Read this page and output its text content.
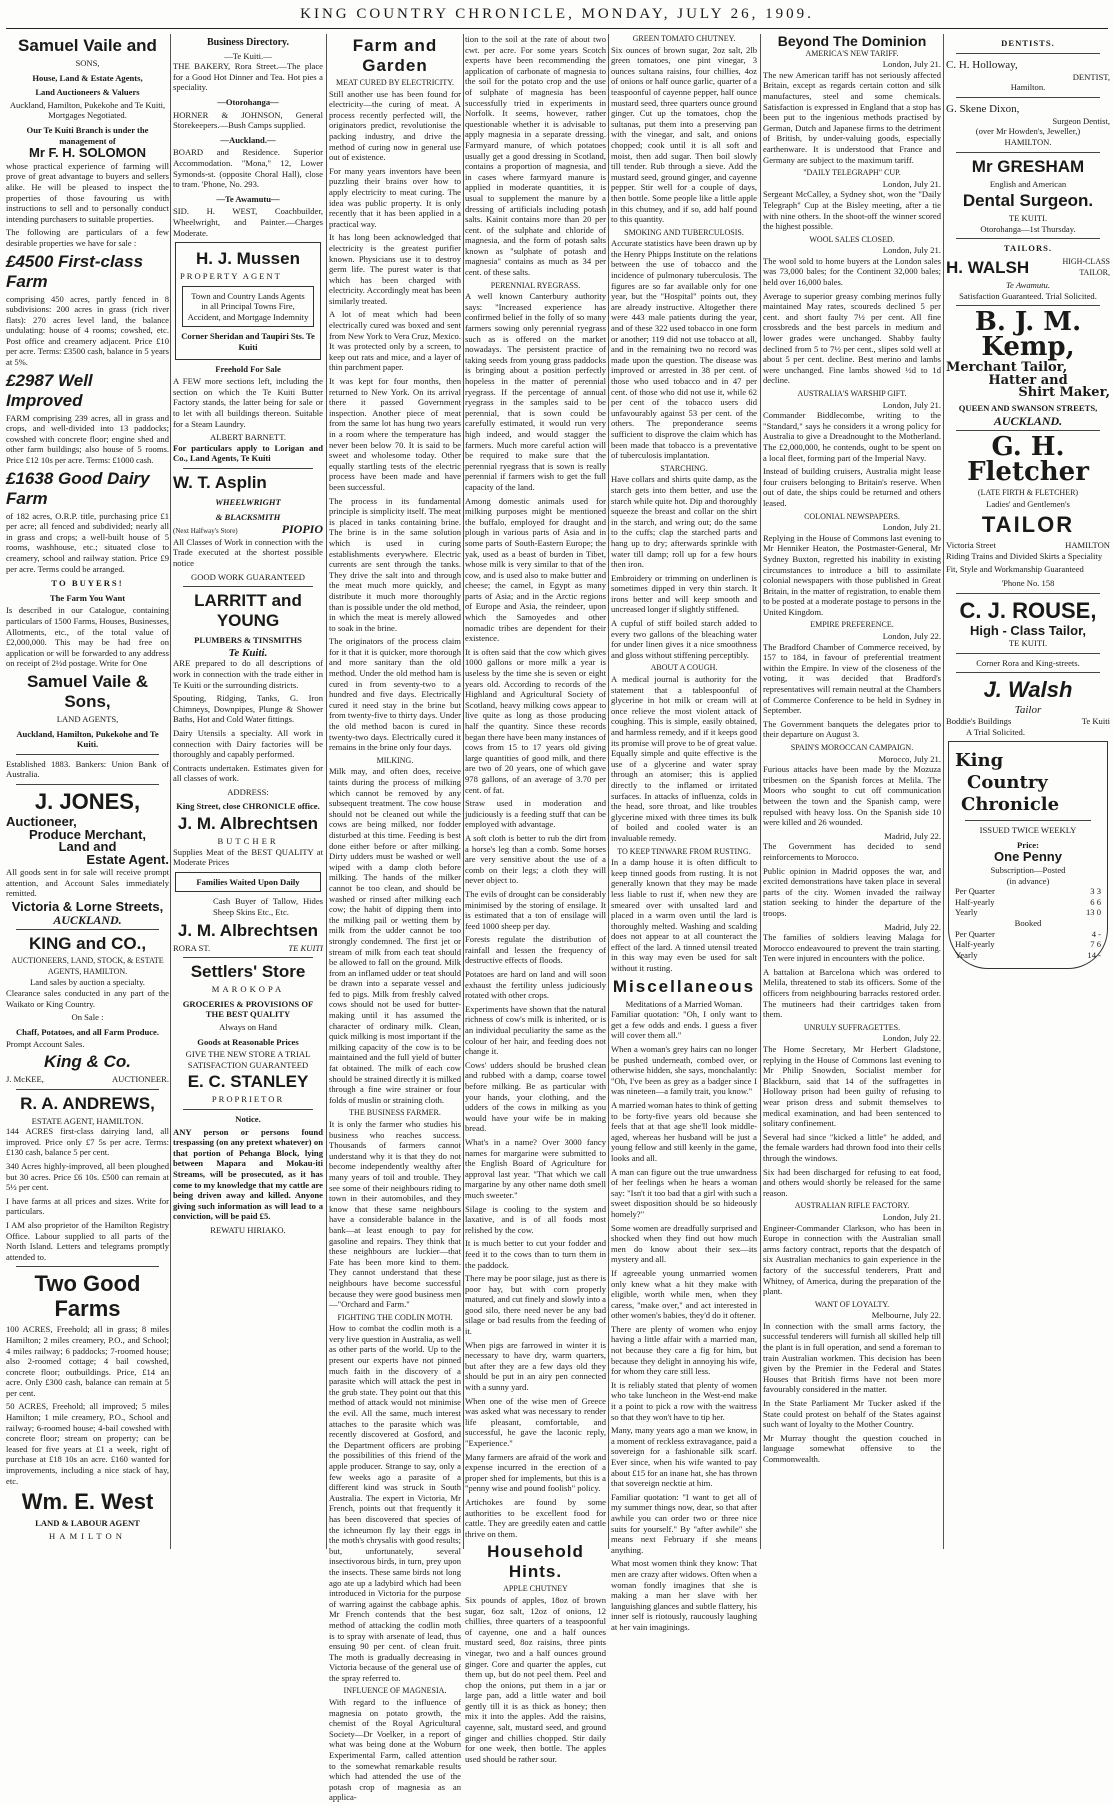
KING COUNTRY CHRONICLE, MONDAY, JULY 26, 1909.
Samuel Vaile and
SONS,
House, Land & Estate Agents,
Land Auctioneers & Valuers
Auckland, Hamilton, Pukekohe and Te Kuiti,
Mortgages Negotiated.
Our Te Kuiti Branch is under the management of
Mr F. H. SOLOMON

whose practical experience of farming will prove of great advantage to buyers and sellers alike. He will be pleased to inspect the properties of those favouring us with instructions to sell and to personally conduct intending purchasers to suitable properties.

The following are particulars of a few desirable properties we have for sale :

£4500 First-class Farm

comprising 450 acres, partly fenced in 8 subdivisions: 200 acres in grass (rich river flats): 270 acres level land, the balance undulating: house of 4 rooms; cowshed, etc. Post office and creamery adjacent. Price £10 per acre. Terms: £3500 cash, balance in 5 years at 5%.

£2987 Well Improved

FARM comprising 239 acres, all in grass and crops, and well-divided into 13 paddocks; cowshed with concrete floor; engine shed and other farm buildings; also house of 5 rooms. Price £12 10s per acre. Terms: £1000 cash.

£1638 Good Dairy Farm

of 182 acres, O.R.P. title, purchasing price £1 per acre; all fenced and subdivided; nearly all in grass and crops; a well-built house of 5 rooms, washhouse, etc.; situated close to creamery, school and railway station. Price £9 per acre. Terms could be arranged.

TO BUYERS!
The Farm You Want

Is described in our Catalogue, containing particulars of 1500 Farms, Houses, Businesses, Allotments, etc., of the total value of £2,000,000. This may be had free on application or will be forwarded to any address on receipt of 2½d postage. Write for One

Samuel Vaile & Sons,
LAND AGENTS,
Auckland, Hamilton, Pukekohe and Te Kuiti.

Established 1883. Bankers: Union Bank of Australia.

J. JONES,
Auctioneer,
Produce Merchant,
Land and
Estate Agent.

All goods sent in for sale will receive prompt attention, and Account Sales immediately remitted.

Victoria & Lorne Streets,
AUCKLAND.
KING and CO.,
AUCTIONEERS, LAND, STOCK, & ESTATE AGENTS, HAMILTON.
Land sales by auction a specialty.

Clearance sales conducted in any part of the Waikato or King Country.

On Sale :
Chaff, Potatoes, and all Farm Produce.
Prompt Account Sales.
King & Co.
J. McKEE,	AUCTIONEER.
R. A. ANDREWS,
ESTATE AGENT, HAMILTON.

144 ACRES first-class dairying land, all improved. Price only £7 5s per acre. Terms: £130 cash, balance 5 per cent.

340 Acres highly-improved, all been ploughed but 30 acres. Price £6 10s. £500 can remain at 5½ per cent.

I have farms at all prices and sizes. Write for particulars.

I AM also proprietor of the Hamilton Registry Office. Labour supplied to all parts of the North Island. Letters and telegrams promptly attended to.

Two Good Farms

100 ACRES, Freehold; all in grass; 8 miles Hamilton; 2 miles creamery, P.O., and School; 4 miles railway; 6 paddocks; 7-roomed house; also 2-roomed cottage; 4 bail cowshed, concrete floor; outbuildings. Price, £14 an acre. Only £300 cash, balance can remain at 5 per cent.

50 ACRES, Freehold; all improved; 5 miles Hamilton; 1 mile creamery, P.O., School and railway; 6-roomed house; 4-bail cowshed with concrete floor; stream on property; can be leased for five years at £1 a week, right of purchase at £18 10s an acre. £160 wanted for improvements, including a nice stack of hay, etc.

Wm. E. West
LAND & LABOUR AGENT
HAMILTON
Business Directory.
—Te Kuiti.—

THE BAKERY, Rora Street.—The place for a Good Hot Dinner and Tea. Hot pies a speciality.

—Otorohanga—

HORNER & JOHNSON, General Storekeepers.—Bush Camps supplied.

—Auckland.—

BOARD and Residence. Superior Accommodation. "Mona," 12, Lower Symonds-st. (opposite Choral Hall), close to tram. 'Phone, No. 293.

—Te Awamutu—

SID. H. WEST, Coachbuilder, Wheelwright, and Painter.—Charges Moderate.

H. J. Mussen
PROPERTY AGENT
Town and Country Lands Agents in all Principal Towns Fire, Accident, and Mortgage Indemnity
Corner Sheridan and Taupiri Sts. Te Kuiti
Freehold For Sale

A FEW more sections left, including the section on which the Te Kuiti Butter Factory stands, the latter being for sale or to let with all buildings thereon. Suitable for a Steam Laundry.

ALBERT BARNETT.

For particulars apply to Lorigan and Co., Land Agents, Te Kuiti

W. T. Asplin
WHEELWRIGHT
& BLACKSMITH
(Next Halfway's Store)	PIOPIO

All Classes of Work in connection with the Trade executed at the shortest possible notice

GOOD WORK GUARANTEED
LARRITT and YOUNG
PLUMBERS & TINSMITHS
Te Kuiti.

ARE prepared to do all descriptions of work in connection with the trade either in Te Kuiti or the surrounding districts.

Spouting, Ridging, Tanks, G. Iron Chimneys, Downpipes, Plunge & Shower Baths, Hot and Cold Water fittings.

Dairy Utensils a specialty. All work in connection with Dairy factories will be thoroughly and capably performed.

Contracts undertaken. Estimates given for all classes of work.

ADDRESS:
King Street, close CHRONICLE office.
J. M. Albrechtsen
BUTCHER

Supplies Meat of the BEST QUALITY at Moderate Prices

Families Waited Upon Daily

Cash Buyer of Tallow, Hides Sheep Skins Etc., Etc.

J. M. Albrechtsen
RORA ST.	TE KUITI
Settlers' Store
MAROKOPA
GROCERIES & PROVISIONS OF THE BEST QUALITY
Always on Hand
Goods at Reasonable Prices
GIVE THE NEW STORE A TRIAL SATISFACTION GUARANTEED
E. C. STANLEY
PROPRIETOR
Notice.

ANY person or persons found trespassing (on any pretext whatever) on that portion of Pehanga Block, lying between Mapara and Mokau-iti Streams, will be prosecuted, as it has come to my knowledge that my cattle are being driven away and killed. Anyone giving such information as will lead to a conviction, will be paid £5.

REWATU HIRIAKO.
Farm and Garden
MEAT CURED BY ELECTRICITY.

Still another use has been found for electricity—the curing of meat. A process recently perfected will, the originators predict, revolutionise the packing industry, and drive the method of curing now in general use out of existence.

For many years inventors have been puzzling their brains over how to apply electricity to meat curing. The idea was public property. It is only recently that it has been applied in a practical way.

It has long been acknowledged that electricity is the greatest purifier known. Physicians use it to destroy germ life. The purest water is that which has been charged with electricity. Accordingly meat has been similarly treated.

A lot of meat which had been electrically cured was boxed and sent from New York to Vera Cruz, Mexico. It was protected only by a screen, to keep out rats and mice, and a layer of thin parchment paper.

It was kept for four months, then returned to New York. On its arrival there it passed Government inspection. Another piece of meat from the same lot has hung two years in a room where the temperature has never been below 70. It is said to be sweet and wholesome today. Other equally startling tests of the electric process have been made and have been successful.

The process in its fundamental principle is simplicity itself. The meat is placed in tanks containing brine. The brine is in the same solution which is used in curing establishments everywhere. Electric currents are sent through the tanks. They drive the salt into and through the meat much more quickly, and distribute it much more thoroughly than is possible under the old method, in which the meat is merely allowed to soak in the brine.

The originators of the process claim for it that it is quicker, more thorough and more sanitary than the old method. Under the old method ham is cured in from seventy-two to a hundred and five days. Electrically cured it need stay in the brine but from twenty-five to thirty days. Under the old method bacon is cured in twenty-two days. Electrically cured it remains in the brine only four days.

MILKING.

Milk may, and often does, receive taints during the process of milking which cannot be removed by any subsequent treatment. The cow house should not be cleaned out while the cows are being milked, nor fodder disturbed at this time. Feeding is best done either before or after milking. Dirty udders must be washed or well wiped with a damp cloth before milking. The hands of the milker cannot be too clean, and should be washed or rinsed after milking each cow; the habit of dipping them into the milking pail or wetting them by milk from the udder cannot be too strongly condemned. The first jet or stream of milk from each teat should be allowed to fall on the ground. Milk from an inflamed udder or teat should be drawn into a separate vessel and fed to pigs. Milk from freshly calved cows should not be used for butter-making until it has assumed the character of ordinary milk. Clean, quick milking is most important if the milking capacity of the cow is to be maintained and the full yield of butter fat obtained. The milk of each cow should be strained directly it is milked through a fine wire strainer or four folds of muslin or straining cloth.

THE BUSINESS FARMER.

It is only the farmer who studies his business who reaches success. Thousands of farmers cannot understand why it is that they do not become independently wealthy after many years of toil and trouble. They see some of their neighbours riding to town in their automobiles, and they know that these same neighbours have a considerable balance in the bank—at least enough to pay for gasoline and repairs. They think that these neighbours are luckier—that Fate has been more kind to them. They cannot understand that these neighbours have become successful because they were good business men—"Orchard and Farm."

FIGHTING THE CODLIN MOTH.

How to combat the codlin moth is a very live question in Australia, as well as other parts of the world. Up to the present our experts have not pinned much faith in the discovery of a parasite which will attack the pest in the grub state. They point out that this method of attack would not minimise the evil. All the same, much interest attaches to the parasite which was recently discovered at Gosford, and the Department officers are probing the possibilities of this friend of the apple producer. Strange to say, only a few weeks ago a parasite of a different kind was struck in South Australia. The expert in Victoria, Mr French, points out that frequently it has been discovered that species of the ichneumon fly lay their eggs in the moth's chrysalis with good results; but, unfortunately, several insectivorous birds, in turn, prey upon the insects. These same birds not long ago ate up a ladybird which had been introduced in Victoria for the purpose of warring against the cabbage aphis. Mr French contends that the best method of attacking the codlin moth is to spray with arsenate of lead, thus ensuing 90 per cent. of clean fruit. The moth is gradually decreasing in Victoria because of the general use of the spray referred to.

INFLUENCE OF MAGNESIA.

With regard to the influence of magnesia on potato growth, the chemist of the Royal Agricultural Society—Dr Voelker, in a report of what was being done at the Woburn Experimental Farm, called attention to the somewhat remarkable results which had attended the use of the potash crop of magnesia as an applica-

tion to the soil at the rate of about two cwt. per acre. For some years Scotch experts have been recommending the application of carbonate of magnesia to the soil for the potato crop and the use of sulphate of magnesia has been successfully tried in experiments in Norfolk. It seems, however, rather questionable whether it is advisable to apply magnesia in a separate dressing. Farmyard manure, of which potatoes usually get a good dressing in Scotland, contains a proportion of magnesia, and in cases where farmyard manure is applied in moderate quantities, it is usual to supplement the manure by a dressing of artificials including potash salts. Kainit contains more than 20 per cent. of the sulphate and chloride of magnesia, and the form of potash salts known as "sulphate of potash and magnesia" contains as much as 34 per cent. of these salts.

PERENNIAL RYEGRASS.

A well known Canterbury authority says: "Increased experience has confirmed belief in the folly of so many farmers sowing only perennial ryegrass such as is offered on the market nowadays. The persistent practice of taking seeds from young grass paddocks is bringing about a position perfectly hopeless in the matter of perennial ryegrass. If the percentage of annual ryegrass in the samples said to be perennial, that is sown could be carefully estimated, it would run very high indeed, and would stagger the farmers. Much more careful action will be required to make sure that the perennial ryegrass that is sown is really perennial if farmers wish to get the full capacity of the land.

Among domestic animals used for milking purposes might be mentioned the buffalo, employed for draught and plough in various parts of Asia and in some parts of South-Eastern Europe; the yak, used as a beast of burden in Tibet, whose milk is very similar to that of the cow, and is used also to make butter and cheese; the camel, in Egypt as many parts of Asia; and in the Arctic regions of Europe and Asia, the reindeer, upon which the Samoyedes and other nomadic tribes are dependent for their existence.

It is often said that the cow which gives 1000 gallons or more milk a year is useless by the time she is seven or eight years old. According to records of the Highland and Agricultural Society of Scotland, heavy milking cows appear to live quite as long as those producing half the quantity. Since these records began there have been many instances of cows from 15 to 17 years old giving large quantities of good milk, and there are two of 20 years, one of which gave 978 gallons, of an average of 3.70 per cent. of fat.

Straw used in moderation and judiciously is a feeding stuff that can be employed with advantage.

A soft cloth is better to rub the dirt from a horse's leg than a comb. Some horses are very sensitive about the use of a comb on their legs; a cloth they will never object to.

The evils of drought can be considerably minimised by the storing of ensilage. It is estimated that a ton of ensilage will feed 1000 sheep per day.

Forests regulate the distribution of rainfall and lessen the frequency of destructive effects of floods.

Potatoes are hard on land and will soon exhaust the fertility unless judiciously rotated with other crops.

Experiments have shown that the natural richness of cow's milk is inherited, or is an individual peculiarity the same as the colour of her hair, and feeding does not change it.

Cows' udders should be brushed clean and rubbed with a damp, coarse towel before milking. Be as particular with your hands, your clothing, and the udders of the cows in milking as you would have your wife be in making bread.

What's in a name? Over 3000 fancy names for margarine were submitted to the English Board of Agriculture for approval last year. "That which we call margarine by any other name doth smell much sweeter."

Silage is cooling to the system and laxative, and is of all foods most relished by the cow.

It is much better to cut your fodder and feed it to the cows than to turn them in the paddock.

There may be poor silage, just as there is poor hay, but with corn properly matured, and cut finely and slowly into a good silo, there need never be any bad silage or bad results from the feeding of it.

When pigs are farrowed in winter it is necessary to have dry, warm quarters, but after they are a few days old they should be put in an airy pen connected with a sunny yard.

When one of the wise men of Greece was asked what was necessary to render life pleasant, comfortable, and successful, he gave the laconic reply, "Experience."

Many farmers are afraid of the work and expense incurred in the erection of a proper shed for implements, but this is a "penny wise and pound foolish" policy.

Artichokes are found by some authorities to be excellent food for cattle. They are greedily eaten and cattle thrive on them.

Household Hints.
APPLE CHUTNEY

Six pounds of apples, 18oz of brown sugar, 6oz salt, 12oz of onions, 12 chillies, three quarters of a teaspoonful of cayenne, one and a half ounces mustard seed, 8oz raisins, three pints vinegar, two and a half ounces ground ginger. Core and quarter the apples, cut them up, but do not peel them. Peel and chop the onions, put them in a jar or large pan, add a little water and boil gently till it is as thick as honey; then mix it into the apples. Add the raisins, cayenne, salt, mustard seed, and ground ginger and chillies chopped. Stir daily for one week, then bottle. The apples used should be rather sour.

GREEN TOMATO CHUTNEY.

Six ounces of brown sugar, 2oz salt, 2lb green tomatoes, one pint vinegar, 3 ounces sultana raisins, four chillies, 4oz of onions or half ounce garlic, quarter of a teaspoonful of cayenne pepper, half ounce mustard seed, three quarters ounce ground ginger. Cut up the tomatoes, chop the sultanas, put them into a preserving pan with the vinegar, and salt, and onions chopped; cook until it is all soft and moist, then add sugar. Then boil slowly till tender. Rub through a sieve. Add the mustard seed, ground ginger, and cayenne pepper. Stir well for a couple of days, then bottle. Some people like a little apple in this chutney, and if so, add half pound to this quantity.

SMOKING AND TUBERCULOSIS.

Accurate statistics have been drawn up by the Henry Phipps Institute on the relations between the use of tobacco and the incidence of pulmonary tuberculosis. The figures are so far available only for one year, but the "Hospital" points out, they are already instructive. Altogether there were 443 male patients during the year, and of these 322 used tobacco in one form or another; 119 did not use tobacco at all, and in the remaining two no record was made upon the question. The disease was improved or arrested in 38 per cent. of those who used tobacco and in 47 per cent. of those who did not use it, while 62 per cent of the tobacco users did unfavourably against 53 per cent. of the others. The preponderance seems sufficient to disprove the claim which has been made that tobacco is a preventative of tuberculosis implantation.

STARCHING.

Have collars and shirts quite damp, as the starch gets into them better, and use the starch while quite hot. Dip and thoroughly squeeze the breast and collar on the shirt in the starch, and wring out; do the same to the cuffs; clap the starched parts and hang up to dry; afterwards sprinkle with water till damp; roll up for a few hours then iron.

Embroidery or trimming on underlinen is sometimes dipped in very thin starch. It irons better and will keep smooth and uncreased longer if slightly stiffened.

A cupful of stiff boiled starch added to every two gallons of the bleaching water for under linen gives it a nice smoothness and gloss without stiffening perceptibly.

ABOUT A COUGH.

A medical journal is authority for the statement that a tablespoonful of glycerine in hot milk or cream will at once relieve the most violent attack of coughing. This is simple, easily obtained, and harmless remedy, and if it keeps good its promise will prove to be of great value. Equally simple and quite effective is the use of a glycerine and water spray through an atomiser; this is applied directly to the inflamed or irritated surfaces. In attacks of influenza, colds in the head, sore throat, and like troubles glycerine mixed with three times its bulk of boiled and cooled water is an invaluable remedy.

TO KEEP TINWARE FROM RUSTING.

In a damp house it is often difficult to keep tinned goods from rusting. It is not generally known that they may be made less liable to rust if, when new they are smeared over with unsalted lard and placed in a warm oven until the lard is thoroughly melted. Washing and scalding does not appear to at all counteract the effect of the lard. A tinned utensil treated in this way may even be used for salt without it rusting.

Miscellaneous
Meditations of a Married Woman.

Familiar quotation: "Oh, I only want to get a few odds and ends. I guess a fiver will cover them all."

When a woman's grey hairs can no longer be pushed underneath, combed over, or otherwise hidden, she says, monchalantly: "Oh, I've been as grey as a badger since I was nineteen—a family trait, you know."

A married woman hates to think of getting to be forty-five years old because she feels that at that age she'll look middle-aged, whereas her husband will be just a young fellow and still keenly in the game, looks and all.

A man can figure out the true unwardness of her feelings when he hears a woman say: "Isn't it too bad that a girl with such a sweet disposition should be so hideously homely?"

Some women are dreadfully surprised and shocked when they find out how much men do know about their sex—its mystery and all.

If agreeable young unmarried women only knew what a hit they make with eligible, worth while men, when they caress, "make over," and act interested in other women's babies, they'd do it oftener.

There are plenty of women who enjoy having a little affair with a married man, not because they care a fig for him, but because they delight in annoying his wife, for whom they care still less.

It is reliably stated that plenty of women who take luncheon in the West-end make it a point to pick a row with the waitress so that they won't have to tip her.

Many, many years ago a man we know, in a moment of reckless extravagance, paid a sovereign for a fashionable silk scarf. Ever since, when his wife wanted to pay about £15 for an inane hat, she has thrown that sovereign necktie at him.

Familiar quotation: "I want to get all of my summer things now, dear, so that after awhile you can order two or three nice suits for yourself." By "after awhile" she means next February if she means anything.

What most women think they know: That men are crazy after widows. Often when a woman fondly imagines that she is making a man her slave with her languishing glances and subtle flattery, his inner self is riotously, raucously laughing at her vain imaginings.

Beyond The Dominion
AMERICA'S NEW TARIFF.
London, July 21.

The new American tariff has not seriously affected Britain, except as regards certain cotton and silk manufactures, steel and some chemicals. Satisfaction is expressed in England that a stop has been put to the ingenious methods practised by German, Dutch and Japanese firms to the detriment of British, by under-valuing goods, especially earthenware. It is understood that France and Germany are subject to the maximum tariff.

"DAILY TELEGRAPH" CUP.
London, July 21.

Sergeant McCalley, a Sydney shot, won the "Daily Telegraph" Cup at the Bisley meeting, after a tie with nine others. In the shoot-off the winner scored the highest possible.

WOOL SALES CLOSED.
London, July 21.

The wool sold to home buyers at the London sales was 73,000 bales; for the Continent 32,000 bales; held over 16,000 bales.

Average to superior greasy combing merinos fully maintained May rates, scoureds declined 5 per cent. and short faulty 7½ per cent. All fine crossbreds and the best parcels in medium and lower grades were unchanged. Shabby faulty declined from 5 to 7½ per cent., slipes sold well at about 5 per cent. decline. Best merino and lambs were unchanged. Fine lambs showed ½d to 1d decline.

AUSTRALIA'S WARSHIP GIFT.
London, July 21.

Commander Biddlecombe, writing to the "Standard," says he considers it a wrong policy for Australia to give a Dreadnought to the Motherland. The £2,000,000, he contends, ought to be spent on a local fleet, forming part of the Imperial Navy.

Instead of building cruisers, Australia might lease four cruisers belonging to Britain's reserve. When out of date, the ships could be returned and others leased.

COLONIAL NEWSPAPERS.
London, July 21.

Replying in the House of Commons last evening to Mr Henniker Heaton, the Postmaster-General, Mr Sydney Buxton, regretted his inability in existing circumstances to introduce a bill to assimilate colonial newspapers with those published in Great Britain, in the matter of registration, to enable them to be posted at a moderate postage to persons in the United Kingdom.

EMPIRE PREFERENCE.
London, July 22.

The Bradford Chamber of Commerce received, by 157 to 184, in favour of preferential treatment within the Empire. In view of the closeness of the voting, it was decided that Bradford's representatives will remain neutral at the Chambers of Commerce Conference to be held in Sydney in September.

The Government banquets the delegates prior to their departure on August 3.

SPAIN'S MOROCCAN CAMPAIGN.
Morocco, July 21.

Furious attacks have been made by the Mozuza tribesmen on the Spanish forces at Melila. The Moors who sought to cut off communication between the town and the Spanish camp, were repulsed with heavy loss. On the Spanish side 10 were killed and 26 wounded.

Madrid, July 22.

The Government has decided to send reinforcements to Morocco.

Public opinion in Madrid opposes the war, and excited demonstrations have taken place in several parts of the city. Women invaded the railway station seeking to hinder the departure of the troops.

Madrid, July 22.

The families of soldiers leaving Malaga for Morocco endeavoured to prevent the train starting. Ten were injured in encounters with the police.

A battalion at Barcelona which was ordered to Melila, threatened to stab its officers. Some of the officers from neighbouring barracks restored order. The mutineers had their cartridges taken from them.

UNRULY SUFFRAGETTES.
London, July 22.

The Home Secretary, Mr Herbert Gladstone, replying in the House of Commons last evening to Mr Philip Snowden, Socialist member for Blackburn, said that 14 of the suffragettes in Holloway prison had been guilty of refusing to wear prison dress and submit themselves to medical examination, and had been sentenced to solitary confinement.

Several had since "kicked a little" he added, and the female warders had thrown food into their cells through the windows.

Six had been discharged for refusing to eat food, and others would shortly be released for the same reason.

AUSTRALIAN RIFLE FACTORY.
London, July 21.

Engineer-Commander Clarkson, who has been in Europe in connection with the Australian small arms factory contract, reports that the despatch of six Australian mechanics to gain experience in the factory of the successful tenderers, Pratt and Whitney, of America, during the preparation of the plant.

WANT OF LOYALTY.
Melbourne, July 22.

In connection with the small arms factory, the successful tenderers will furnish all skilled help till the plant is in full operation, and send a foreman to train Australian workmen. This decision has been given by the Premier in the Federal and States Houses that British firms have not been more favourably considered in the matter.

In the State Parliament Mr Tucker asked if the State could protest on behalf of the States against such want of loyalty to the Mother Country.

Mr Murray thought the question couched in language somewhat offensive to the Commonwealth.

DENTISTS.
C. H. Holloway,
DENTIST,
Hamilton.
G. Skene Dixon,
Surgeon Dentist,
(over Mr Howden's, Jeweller,)
HAMILTON.
Mr GRESHAM
English and American
Dental Surgeon.
TE KUITI.
Otorohanga—1st Thursday.
TAILORS.
H. WALSH	HIGH-CLASS TAILOR,
Te Awamutu.
Satisfaction Guaranteed. Trial Solicited.
B. J. M. Kemp,
Merchant Tailor,
Hatter and
Shirt Maker,
QUEEN AND SWANSON STREETS,
AUCKLAND.
G. H. Fletcher
(LATE FIRTH & FLETCHER)
Ladies' and Gentlemen's
TAILOR
Victoria Street	HAMILTON

Riding Trains and Divided Skirts a Speciality

Fit, Style and Workmanship Guaranteed

'Phone No. 158
C. J. ROUSE,
High - Class Tailor,
TE KUITI.
Corner Rora and King-streets.
J. Walsh
Tailor
Boddie's Buildings	Te Kuiti
A Trial Solicited.
King
Country
Chronicle
ISSUED TWICE WEEKLY
Price:
One Penny
Subscription—Posted
(in advance)
Per Quarter	3 3
Half-yearly	6 6
Yearly	13 0
Booked
Per Quarter	4 -
Half-yearly	7 6
Yearly	14 -
